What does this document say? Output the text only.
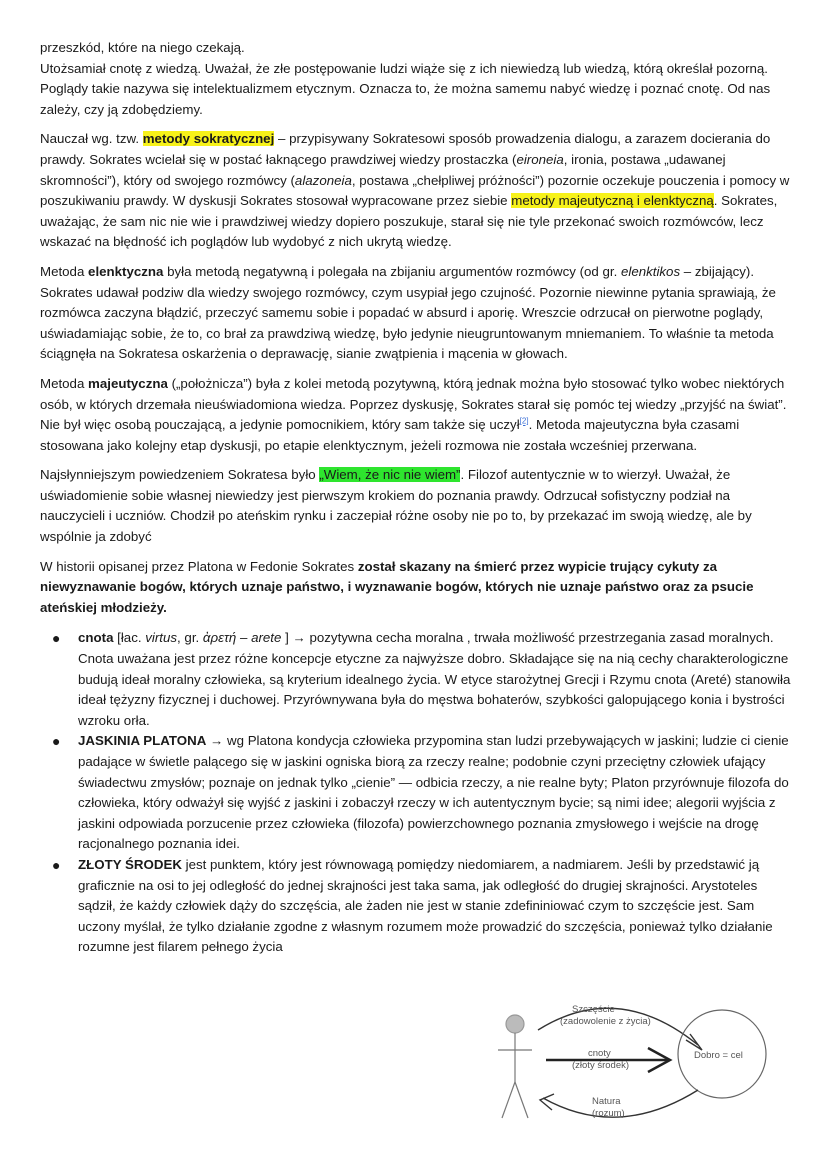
przeszkód, które na niego czekają.
Utożsamiał cnotę z wiedzą. Uważał, że złe postępowanie ludzi wiąże się z ich niewiedzą lub wiedzą, którą określał pozorną. Poglądy takie nazywa się intelektualizmem etycznym. Oznacza to, że można samemu nabyć wiedzę i poznać cnotę. Od nas zależy, czy ją zdobędziemy.

Nauczał wg. tzw. metody sokratycznej – przypisywany Sokratesowi sposób prowadzenia dialogu, a zarazem docierania do prawdy. Sokrates wcielał się w postać łaknącego prawdziwej wiedzy prostaczka (eironeia, ironia, postawa „udawanej skromności”), który od swojego rozmówcy (alazoneia, postawa „chełpliwej próżności”) pozornie oczekuje pouczenia i pomocy w poszukiwaniu prawdy. W dyskusji Sokrates stosował wypracowane przez siebie metody majeutyczną i elenktyczną. Sokrates, uważając, że sam nic nie wie i prawdziwej wiedzy dopiero poszukuje, starał się nie tyle przekonać swoich rozmówców, lecz wskazać na błędność ich poglądów lub wydobyć z nich ukrytą wiedzę.

Metoda elenktyczna była metodą negatywną i polegała na zbijaniu argumentów rozmówcy (od gr. elenktikos – zbijający). Sokrates udawał podziw dla wiedzy swojego rozmówcy, czym usypiał jego czujność. Pozornie niewinne pytania sprawiają, że rozmówca zaczyna błądzić, przeczyć samemu sobie i popadać w absurd i aporię. Wreszcie odrzucał on pierwotne poglądy, uświadamiając sobie, że to, co brał za prawdziwą wiedzę, było jedynie nieugruntowanym mniemaniem. To właśnie ta metoda ściągnęła na Sokratesa oskarżenia o deprawację, sianie zwątpienia i mącenia w głowach.

Metoda majeutyczna („położnicza”) była z kolei metodą pozytywną, którą jednak można było stosować tylko wobec niektórych osób, w których drzemała nieuświadomiona wiedza. Poprzez dyskusję, Sokrates starał się pomóc tej wiedzy „przyjść na świat”. Nie był więc osobą pouczającą, a jedynie pomocnikiem, który sam także się uczył[2]. Metoda majeutyczna była czasami stosowana jako kolejny etap dyskusji, po etapie elenktycznym, jeżeli rozmowa nie została wcześniej przerwana.

Najsłynniejszym powiedzeniem Sokratesa było „Wiem, że nic nie wiem”. Filozof autentycznie w to wierzył. Uważał, że uświadomienie sobie własnej niewiedzy jest pierwszym krokiem do poznania prawdy. Odrzucał sofistyczny podział na nauczycieli i uczniów. Chodził po ateńskim rynku i zaczepiał różne osoby nie po to, by przekazać im swoją wiedzę, ale by wspólnie ja zdobyć

W historii opisanej przez Platona w Fedonie Sokrates został skazany na śmierć przez wypicie trujący cykuty za niewyznawanie bogów, których uznaje państwo, i wyznawanie bogów, których nie uznaje państwo oraz za psucie ateńskiej młodzieży.

● cnota [łac. virtus, gr. ἀρετή – arete ] → pozytywna cecha moralna , trwała możliwość przestrzegania zasad moralnych. Cnota uważana jest przez różne koncepcje etyczne za najwyższe dobro. Składające się na nią cechy charakterologiczne budują ideał moralny człowieka, są kryterium idealnego życia. W etyce starożytnej Grecji i Rzymu cnota (Areté) stanowiła ideał tężyzny fizycznej i duchowej. Przyrównywana była do męstwa bohaterów, szybkości galopującego konia i bystrości wzroku orła.
● JASKINIA PLATONA → wg Platona kondycja człowieka przypomina stan ludzi przebywających w jaskini; ludzie ci cienie padające w świetle palącego się w jaskini ogniska biorą za rzeczy realne; podobnie czyni przeciętny człowiek ufający świadectwu zmysłów; poznaje on jednak tylko „cienie” — odbicia rzeczy, a nie realne byty; Platon przyrównuje filozofa do człowieka, który odważył się wyjść z jaskini i zobaczył rzeczy w ich autentycznym bycie; są nimi idee; alegorii wyjścia z jaskini odpowiada porzucenie przez człowieka (filozofa) powierzchownego poznania zmysłowego i wejście na drogę racjonalnego poznania idei.
● ZŁOTY ŚRODEK jest punktem, który jest równowagą pomiędzy niedomiarem, a nadmiarem. Jeśli by przedstawić ją graficznie na osi to jej odległość do jednej skrajności jest taka sama, jak odległość do drugiej skrajności. Arystoteles sądził, że każdy człowiek dąży do szczęścia, ale żaden nie jest w stanie zdefininiować czym to szczęście jest. Sam uczony myślał, że tylko działanie zgodne z własnym rozumem może prowadzić do szczęścia, ponieważ tylko działanie rozumne jest filarem pełnego życia
Szczęście
(zadowolenie z życia)
cnoty
(złoty środek)
Dobro = cel
Natura
(rozum)
